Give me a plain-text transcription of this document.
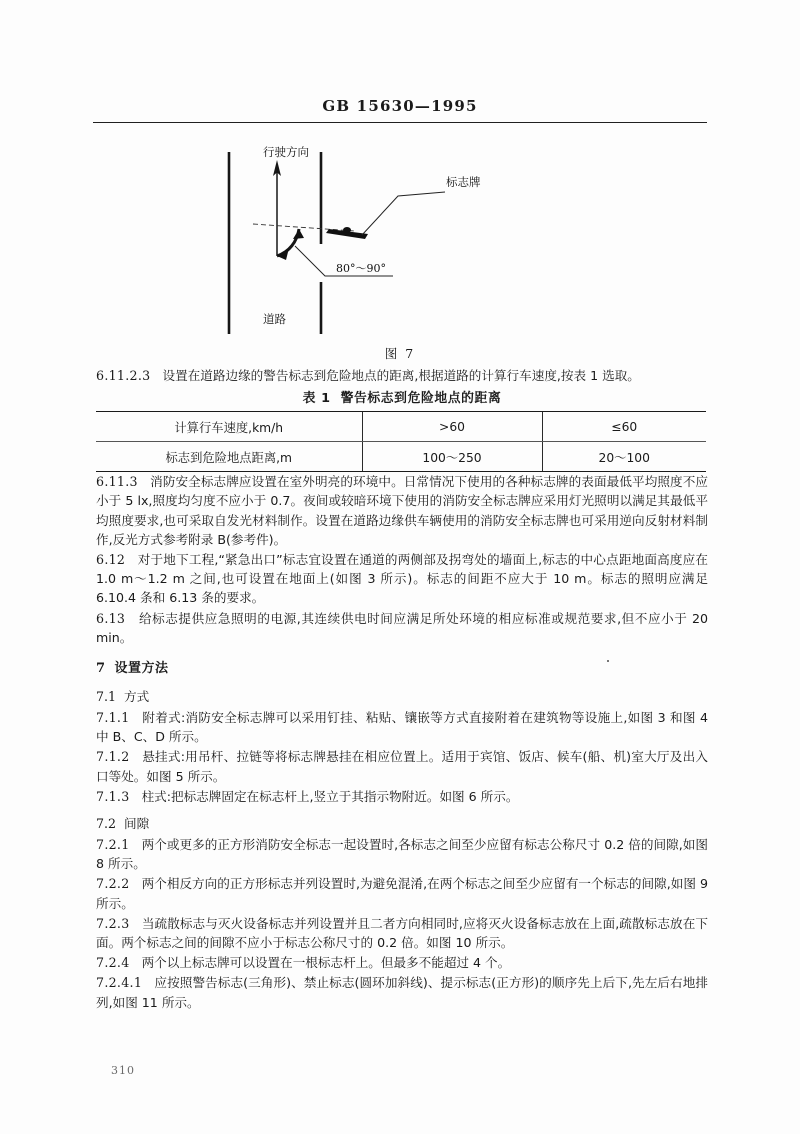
GB 15630—1995
行驶方向
标志牌
80°～90°
道路
图 7

6.11.2.3 设置在道路边缘的警告标志到危险地点的距离,根据道路的计算行车速度,按表 1 选取。

表 1 警告标志到危险地点的距离
计算行车速度,km/h	>60	≤60
标志到危险地点距离,m	100～250	20～100

6.11.3 消防安全标志牌应设置在室外明亮的环境中。日常情况下使用的各种标志牌的表面最低平均照度不应小于 5 lx,照度均匀度不应小于 0.7。夜间或较暗环境下使用的消防安全标志牌应采用灯光照明以满足其最低平均照度要求,也可采取自发光材料制作。设置在道路边缘供车辆使用的消防安全标志牌也可采用逆向反射材料制作,反光方式参考附录 B(参考件)。

6.12 对于地下工程,“紧急出口”标志宜设置在通道的两侧部及拐弯处的墙面上,标志的中心点距地面高度应在 1.0 m～1.2 m 之间,也可设置在地面上(如图 3 所示)。标志的间距不应大于 10 m。标志的照明应满足 6.10.4 条和 6.13 条的要求。

6.13 给标志提供应急照明的电源,其连续供电时间应满足所处环境的相应标准或规范要求,但不应小于 20 min。

7 设置方法
7.1 方式

7.1.1 附着式:消防安全标志牌可以采用钉挂、粘贴、镶嵌等方式直接附着在建筑物等设施上,如图 3 和图 4 中 B、C、D 所示。

7.1.2 悬挂式:用吊杆、拉链等将标志牌悬挂在相应位置上。适用于宾馆、饭店、候车(船、机)室大厅及出入口等处。如图 5 所示。

7.1.3 柱式:把标志牌固定在标志杆上,竖立于其指示物附近。如图 6 所示。

7.2 间隙

7.2.1 两个或更多的正方形消防安全标志一起设置时,各标志之间至少应留有标志公称尺寸 0.2 倍的间隙,如图 8 所示。

7.2.2 两个相反方向的正方形标志并列设置时,为避免混淆,在两个标志之间至少应留有一个标志的间隙,如图 9 所示。

7.2.3 当疏散标志与灭火设备标志并列设置并且二者方向相同时,应将灭火设备标志放在上面,疏散标志放在下面。两个标志之间的间隙不应小于标志公称尺寸的 0.2 倍。如图 10 所示。

7.2.4 两个以上标志牌可以设置在一根标志杆上。但最多不能超过 4 个。

7.2.4.1 应按照警告标志(三角形)、禁止标志(圆环加斜线)、提示标志(正方形)的顺序先上后下,先左后右地排列,如图 11 所示。

310
